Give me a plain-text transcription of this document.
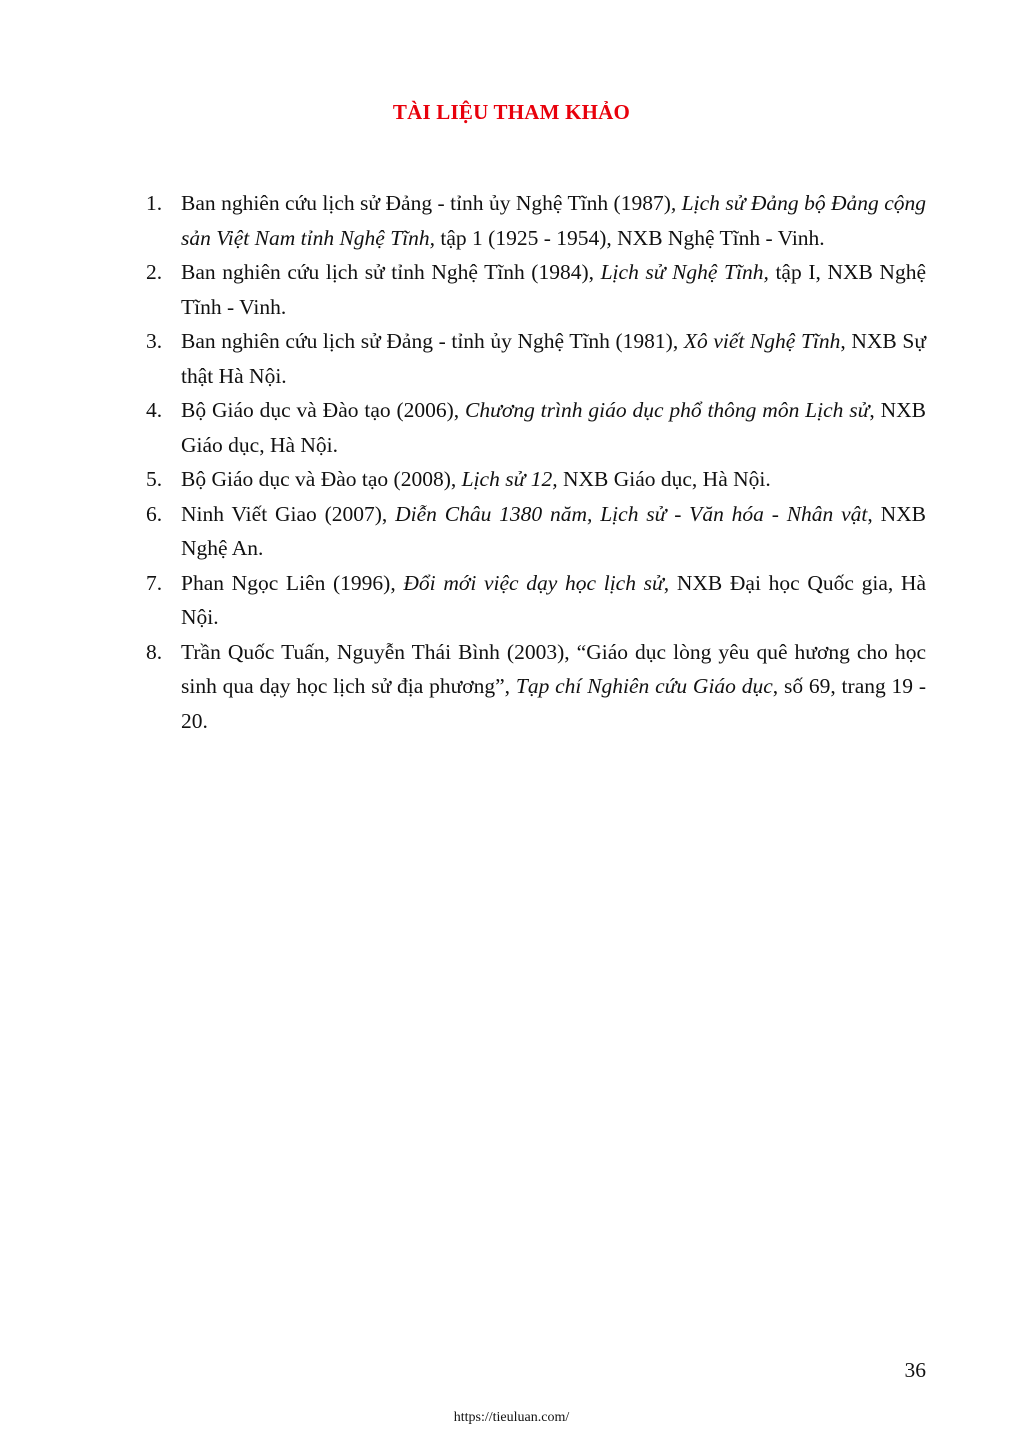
TÀI LIỆU THAM KHẢO
1. Ban nghiên cứu lịch sử Đảng - tỉnh ủy Nghệ Tĩnh (1987), Lịch sử Đảng bộ Đảng cộng sản Việt Nam tỉnh Nghệ Tĩnh, tập 1 (1925 - 1954), NXB Nghệ Tĩnh - Vinh.
2. Ban nghiên cứu lịch sử tỉnh Nghệ Tĩnh (1984), Lịch sử Nghệ Tĩnh, tập I, NXB Nghệ Tĩnh - Vinh.
3. Ban nghiên cứu lịch sử Đảng - tỉnh ủy Nghệ Tĩnh (1981), Xô viết Nghệ Tĩnh, NXB Sự thật Hà Nội.
4. Bộ Giáo dục và Đào tạo (2006), Chương trình giáo dục phổ thông môn Lịch sử, NXB Giáo dục, Hà Nội.
5. Bộ Giáo dục và Đào tạo (2008), Lịch sử 12, NXB Giáo dục, Hà Nội.
6. Ninh Viết Giao (2007), Diễn Châu 1380 năm, Lịch sử - Văn hóa - Nhân vật, NXB Nghệ An.
7. Phan Ngọc Liên (1996), Đổi mới việc dạy học lịch sử, NXB Đại học Quốc gia, Hà Nội.
8. Trần Quốc Tuấn, Nguyễn Thái Bình (2003), “Giáo dục lòng yêu quê hương cho học sinh qua dạy học lịch sử địa phương”, Tạp chí Nghiên cứu Giáo dục, số 69, trang 19 - 20.
36
https://tieuluan.com/
